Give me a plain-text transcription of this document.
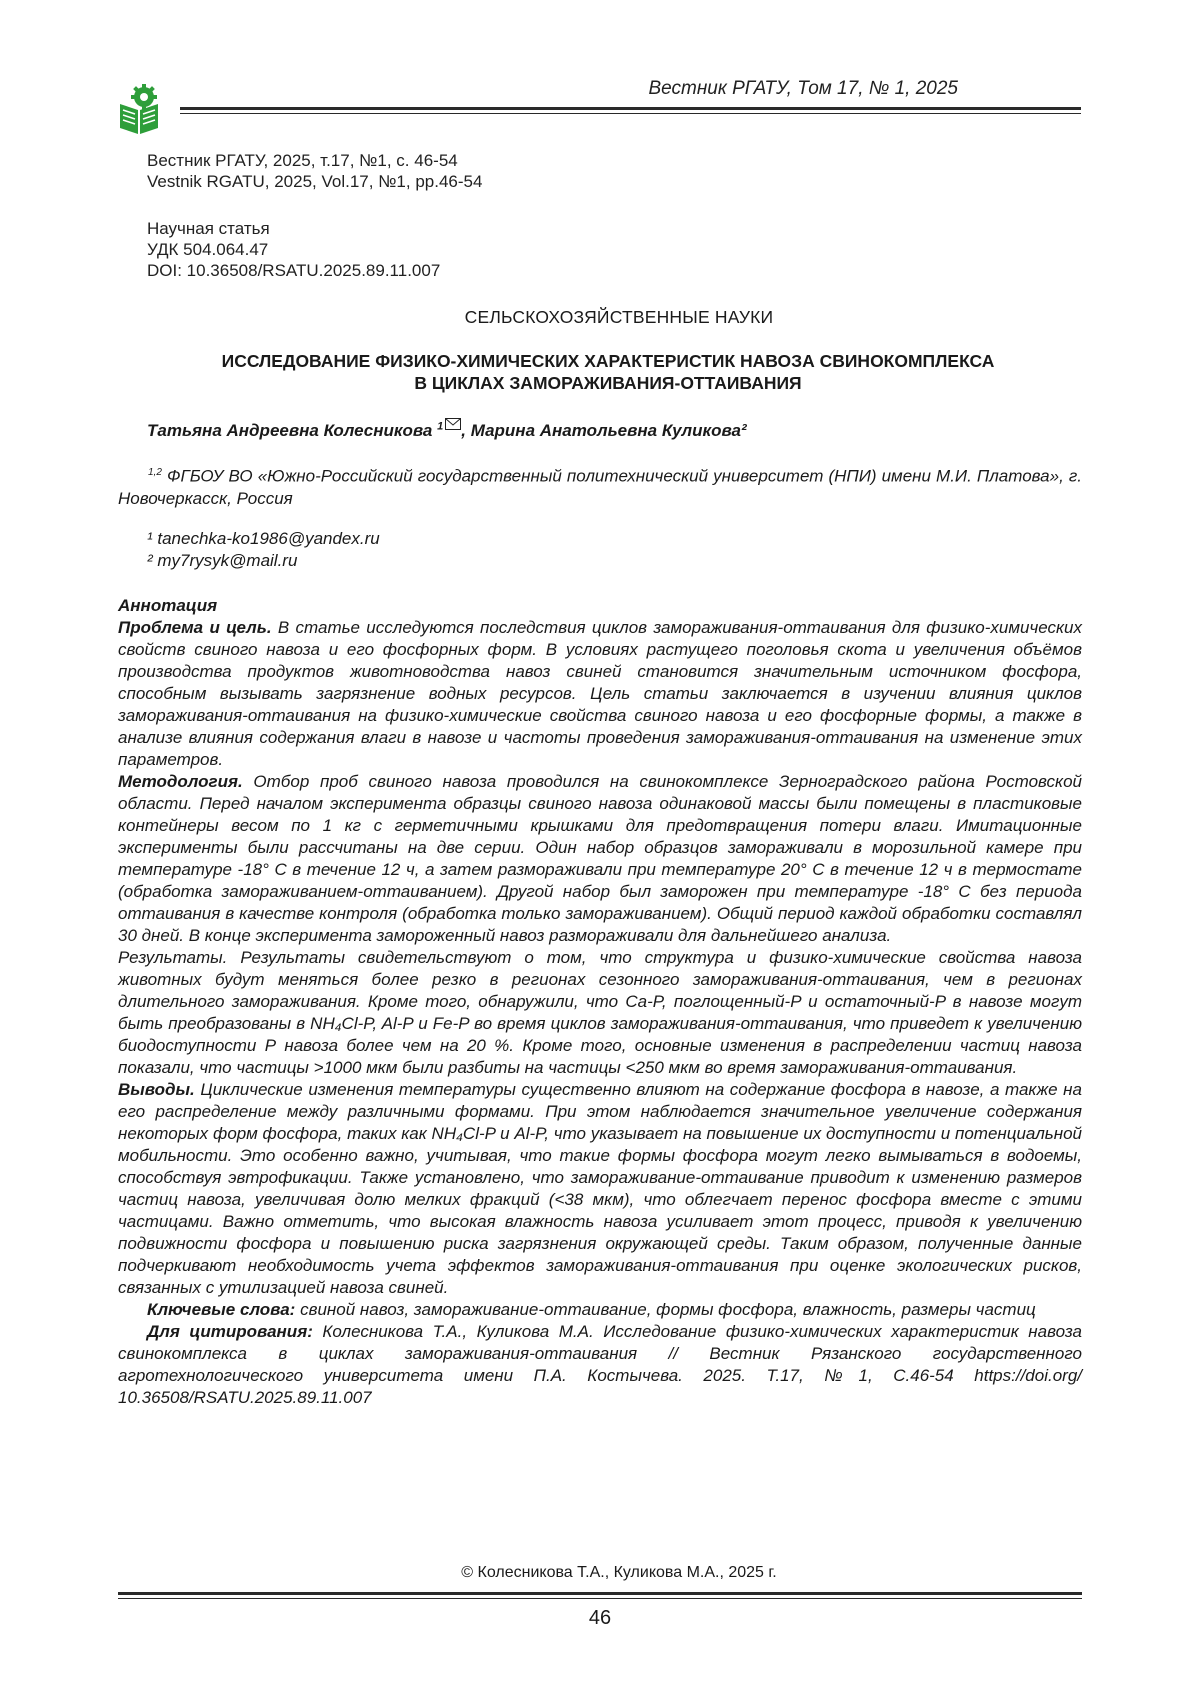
Вестник РГАТУ, Том 17, № 1, 2025
Вестник РГАТУ, 2025, т.17, №1, с. 46-54
Vestnik RGATU, 2025, Vol.17, №1, pp.46-54
Научная статья
УДК 504.064.47
DOI: 10.36508/RSATU.2025.89.11.007
СЕЛЬСКОХОЗЯЙСТВЕННЫЕ НАУКИ
ИССЛЕДОВАНИЕ ФИЗИКО-ХИМИЧЕСКИХ ХАРАКТЕРИСТИК НАВОЗА СВИНОКОМПЛЕКСА
В ЦИКЛАХ ЗАМОРАЖИВАНИЯ-ОТТАИВАНИЯ
Татьяна Андреевна Колесникова $^1$ , Марина Анатольевна Куликова²
$^{1,2}$ ФГБОУ ВО «Южно-Российский государственный политехнический университет (НПИ) имени М.И. Платова», г. Новочеркасск, Россия
¹ tanechka-ko1986@yandex.ru
² my7rysyk@mail.ru

Аннотация

Проблема и цель. В статье исследуются последствия циклов замораживания-оттаивания для физико-химических свойств свиного навоза и его фосфорных форм. В условиях растущего поголовья скота и увеличения объёмов производства продуктов животноводства навоз свиней становится значительным источником фосфора, способным вызывать загрязнение водных ресурсов. Цель статьи заключается в изучении влияния циклов замораживания-оттаивания на физико-химические свойства свиного навоза и его фосфорные формы, а также в анализе влияния содержания влаги в навозе и частоты проведения замораживания-оттаивания на изменение этих параметров.

Методология. Отбор проб свиного навоза проводился на свинокомплексе Зерноградского района Ростовской области. Перед началом эксперимента образцы свиного навоза одинаковой массы были помещены в пластиковые контейнеры весом по 1 кг с герметичными крышками для предотвращения потери влаги. Имитационные эксперименты были рассчитаны на две серии. Один набор образцов замораживали в морозильной камере при температуре -18° С в течение 12 ч, а затем размораживали при температуре 20° С в течение 12 ч в термостате (обработка замораживанием-оттаиванием). Другой набор был заморожен при температуре -18° С без периода оттаивания в качестве контроля (обработка только замораживанием). Общий период каждой обработки составлял 30 дней. В конце эксперимента замороженный навоз размораживали для дальнейшего анализа.

Результаты. Результаты свидетельствуют о том, что структура и физико-химические свойства навоза животных будут меняться более резко в регионах сезонного замораживания-оттаивания, чем в регионах длительного замораживания. Кроме того, обнаружили, что Ca-P, поглощенный-P и остаточный-P в навозе могут быть преобразованы в NH₄Cl-P, Al-P и Fe-P во время циклов замораживания-оттаивания, что приведет к увеличению биодоступности Р навоза более чем на 20 %. Кроме того, основные изменения в распределении частиц навоза показали, что частицы >1000 мкм были разбиты на частицы <250 мкм во время замораживания-оттаивания.

Выводы. Циклические изменения температуры существенно влияют на содержание фосфора в навозе, а также на его распределение между различными формами. При этом наблюдается значительное увеличение содержания некоторых форм фосфора, таких как NH₄Cl-P и Al-P, что указывает на повышение их доступности и потенциальной мобильности. Это особенно важно, учитывая, что такие формы фосфора могут легко вымываться в водоемы, способствуя эвтрофикации. Также установлено, что замораживание-оттаивание приводит к изменению размеров частиц навоза, увеличивая долю мелких фракций (<38 мкм), что облегчает перенос фосфора вместе с этими частицами. Важно отметить, что высокая влажность навоза усиливает этот процесс, приводя к увеличению подвижности фосфора и повышению риска загрязнения окружающей среды. Таким образом, полученные данные подчеркивают необходимость учета эффектов замораживания-оттаивания при оценке экологических рисков, связанных с утилизацией навоза свиней.

Ключевые слова: свиной навоз, замораживание-оттаивание, формы фосфора, влажность, размеры частиц

Для цитирования: Колесникова Т.А., Куликова М.А. Исследование физико-химических характеристик навоза свинокомплекса в циклах замораживания-оттаивания // Вестник Рязанского государственного агротехнологического университета имени П.А. Костычева. 2025. Т.17, №1, С.46-54 https://doi.org/ 10.36508/RSATU.2025.89.11.007

© Колесникова Т.А., Куликова М.А., 2025 г.
46
